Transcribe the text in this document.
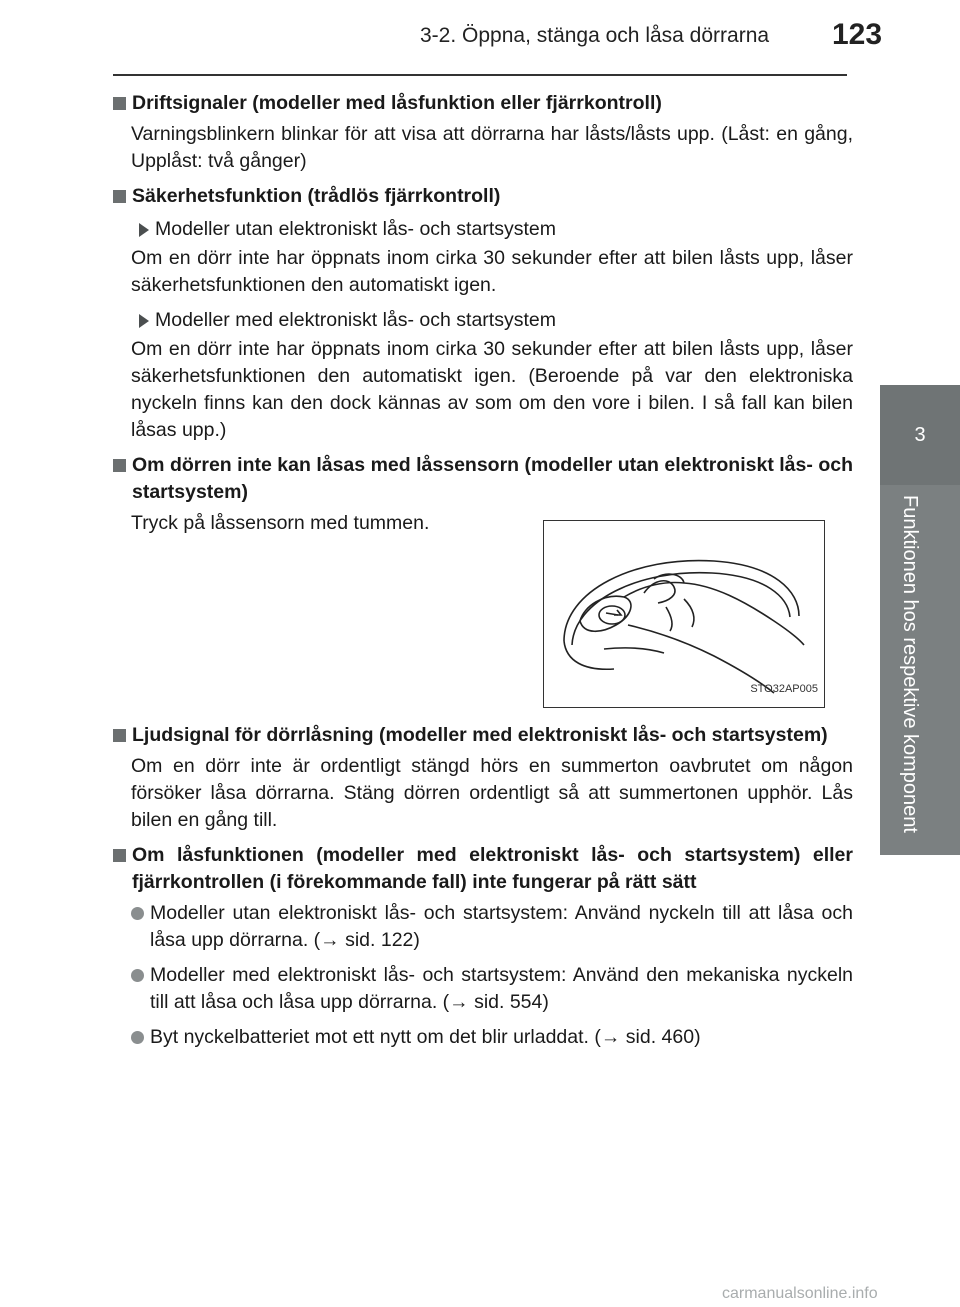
3-2. Öppna, stänga och låsa dörrarna 123
3
Funktionen hos respektive komponent
Driftsignaler (modeller med låsfunktion eller fjärrkontroll)
Varningsblinkern blinkar för att visa att dörrarna har låsts/låsts upp. (Låst: en gång, Upplåst: två gånger)
Säkerhetsfunktion (trådlös fjärrkontroll)
Modeller utan elektroniskt lås- och startsystem
Om en dörr inte har öppnats inom cirka 30 sekunder efter att bilen låsts upp, låser säkerhetsfunktionen den automatiskt igen.
Modeller med elektroniskt lås- och startsystem
Om en dörr inte har öppnats inom cirka 30 sekunder efter att bilen låsts upp, låser säkerhetsfunktionen den automatiskt igen. (Beroende på var den elektroniska nyckeln finns kan den dock kännas av som om den vore i bilen. I så fall kan bilen låsas upp.)
Om dörren inte kan låsas med låssensorn (modeller utan elektroniskt lås- och startsystem)
Tryck på låssensorn med tummen.
STO32AP005
Ljudsignal för dörrlåsning (modeller med elektroniskt lås- och startsystem)
Om en dörr inte är ordentligt stängd hörs en summerton oavbrutet om någon försöker låsa dörrarna. Stäng dörren ordentligt så att summertonen upphör. Lås bilen en gång till.
Om låsfunktionen (modeller med elektroniskt lås- och startsystem) eller fjärrkontrollen (i förekommande fall) inte fungerar på rätt sätt
Modeller utan elektroniskt lås- och startsystem: Använd nyckeln till att låsa och låsa upp dörrarna. (→ sid. 122)
Modeller med elektroniskt lås- och startsystem: Använd den mekaniska nyckeln till att låsa och låsa upp dörrarna. (→ sid. 554)
Byt nyckelbatteriet mot ett nytt om det blir urladdat. (→ sid. 460)
carmanualsonline.info
